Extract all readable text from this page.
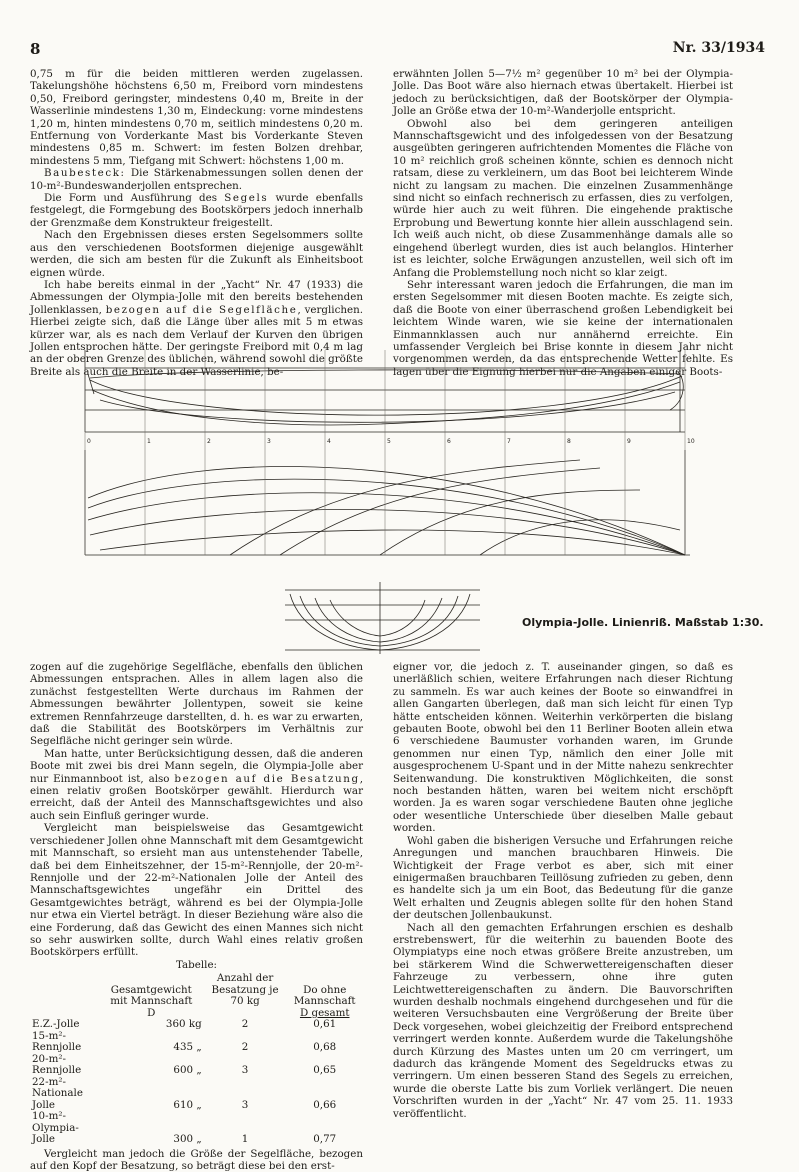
8	Nr. 33/1934

0,75 m für die beiden mittleren werden zugelassen. Takelungshöhe höchstens 6,50 m, Freibord vorn mindestens 0,50, Freibord geringster, mindestens 0,40 m, Breite in der Wasserlinie mindestens 1,30 m, Eindeckung: vorne mindestens 1,20 m, hinten mindestens 0,70 m, seitlich mindestens 0,20 m. Entfernung von Vorderkante Mast bis Vorderkante Steven mindestens 0,85 m. Schwert: im festen Bolzen drehbar, mindestens 5 mm, Tiefgang mit Schwert: höchstens 1,00 m.

Baubesteck: Die Stärkenabmessungen sollen denen der 10-m²-Bundeswanderjollen entsprechen.

Die Form und Ausführung des Segels wurde ebenfalls festgelegt, die Formgebung des Bootskörpers jedoch innerhalb der Grenzmaße dem Konstrukteur freigestellt.

Nach den Ergebnissen dieses ersten Segelsommers sollte aus den verschiedenen Bootsformen diejenige ausgewählt werden, die sich am besten für die Zukunft als Einheitsboot eignen würde.

Ich habe bereits einmal in der „Yacht“ Nr. 47 (1933) die Abmessungen der Olympia-Jolle mit den bereits bestehenden Jollenklassen, bezogen auf die Segelfläche, verglichen. Hierbei zeigte sich, daß die Länge über alles mit 5 m etwas kürzer war, als es nach dem Verlauf der Kurven den übrigen Jollen entsprochen hätte. Der geringste Freibord mit 0,4 m lag an der oberen Grenze des üblichen, während sowohl die größte Breite als auch die Breite in der Wasserlinie, be-

erwähnten Jollen 5—7½ m² gegenüber 10 m² bei der Olympia-Jolle. Das Boot wäre also hiernach etwas übertakelt. Hierbei ist jedoch zu berücksichtigen, daß der Bootskörper der Olympia-Jolle an Größe etwa der 10-m²-Wanderjolle entspricht.

Obwohl also bei dem geringeren anteiligen Mannschaftsgewicht und des infolgedessen von der Besatzung ausgeübten geringeren aufrichtenden Momentes die Fläche von 10 m² reichlich groß scheinen könnte, schien es dennoch nicht ratsam, diese zu verkleinern, um das Boot bei leichterem Winde nicht zu langsam zu machen. Die einzelnen Zusammenhänge sind nicht so einfach rechnerisch zu erfassen, dies zu verfolgen, würde hier auch zu weit führen. Die eingehende praktische Erprobung und Bewertung konnte hier allein ausschlagend sein. Ich weiß auch nicht, ob diese Zusammenhänge damals alle so eingehend überlegt wurden, dies ist auch belanglos. Hinterher ist es leichter, solche Erwägungen anzustellen, weil sich oft im Anfang die Problemstellung noch nicht so klar zeigt.

Sehr interessant waren jedoch die Erfahrungen, die man im ersten Segelsommer mit diesen Booten machte. Es zeigte sich, daß die Boote von einer überraschend großen Lebendigkeit bei leichtem Winde waren, wie sie keine der internationalen Einmannklassen auch nur annähernd erreichte. Ein umfassender Vergleich bei Brise konnte in diesem Jahr nicht vorgenommen werden, da das entsprechende Wetter fehlte. Es lagen über die Eignung hierbei nur die Angaben einiger Boots-

0	1	2	3	4	5	6	7	8	9	10
Olympia-Jolle. Linienriß. Maßstab 1:30.

zogen auf die zugehörige Segelfläche, ebenfalls den üblichen Abmessungen entsprachen. Alles in allem lagen also die zunächst festgestellten Werte durchaus im Rahmen der Abmessungen bewährter Jollentypen, soweit sie keine extremen Rennfahrzeuge darstellten, d. h. es war zu erwarten, daß die Stabilität des Bootskörpers im Verhältnis zur Segelfläche nicht geringer sein würde.

Man hatte, unter Berücksichtigung dessen, daß die anderen Boote mit zwei bis drei Mann segeln, die Olympia-Jolle aber nur Einmannboot ist, also bezogen auf die Besatzung, einen relativ großen Bootskörper gewählt. Hierdurch war erreicht, daß der Anteil des Mannschaftsgewichtes und also auch sein Einfluß geringer wurde.

Vergleicht man beispielsweise das Gesamtgewicht verschiedener Jollen ohne Mannschaft mit dem Gesamtgewicht mit Mannschaft, so ersieht man aus untenstehender Tabelle, daß bei dem Einheitszehner, der 15-m²-Rennjolle, der 20-m²-Rennjolle und der 22-m²-Nationalen Jolle der Anteil des Mannschaftsgewichtes ungefähr ein Drittel des Gesamtgewichtes beträgt, während es bei der Olympia-Jolle nur etwa ein Viertel beträgt. In dieser Beziehung wäre also die eine Forderung, daß das Gewicht des einen Mannes sich nicht so sehr auswirken sollte, durch Wahl eines relativ großen Bootskörpers erfüllt.

Tabelle:
	Gesamtgewicht mit Mannschaft	Anzahl der Besatzung je 70 kg	Do ohne Mannschaft
	D		D gesamt
E.Z.-Jolle	360 kg	2	0,61
15-m²-Rennjolle	435 „	2	0,68
20-m²-Rennjolle	600 „	3	0,65
22-m²-Nationale Jolle	610 „	3	0,66
10-m²-Olympia-Jolle	300 „	1	0,77

Vergleicht man jedoch die Größe der Segelfläche, bezogen auf den Kopf der Besatzung, so beträgt diese bei den erst-

eigner vor, die jedoch z. T. auseinander gingen, so daß es unerläßlich schien, weitere Erfahrungen nach dieser Richtung zu sammeln. Es war auch keines der Boote so einwandfrei in allen Gangarten überlegen, daß man sich leicht für einen Typ hätte entscheiden können. Weiterhin verkörperten die bislang gebauten Boote, obwohl bei den 11 Berliner Booten allein etwa 6 verschiedene Baumuster vorhanden waren, im Grunde genommen nur einen Typ, nämlich den einer Jolle mit ausgesprochenem U-Spant und in der Mitte nahezu senkrechter Seitenwandung. Die konstruktiven Möglichkeiten, die sonst noch bestanden hätten, waren bei weitem nicht erschöpft worden. Ja es waren sogar verschiedene Bauten ohne jegliche oder wesentliche Unterschiede über dieselben Malle gebaut worden.

Wohl gaben die bisherigen Versuche und Erfahrungen reiche Anregungen und manchen brauchbaren Hinweis. Die Wichtigkeit der Frage verbot es aber, sich mit einer einigermaßen brauchbaren Teillösung zufrieden zu geben, denn es handelte sich ja um ein Boot, das Bedeutung für die ganze Welt erhalten und Zeugnis ablegen sollte für den hohen Stand der deutschen Jollenbaukunst.

Nach all den gemachten Erfahrungen erschien es deshalb erstrebenswert, für die weiterhin zu bauenden Boote des Olympiatyps eine noch etwas größere Breite anzustreben, um bei stärkerem Wind die Schwerwettereigenschaften dieser Fahrzeuge zu verbessern, ohne ihre guten Leichtwettereigenschaften zu ändern. Die Bauvorschriften wurden deshalb nochmals eingehend durchgesehen und für die weiteren Versuchsbauten eine Vergrößerung der Breite über Deck vorgesehen, wobei gleichzeitig der Freibord entsprechend verringert werden konnte. Außerdem wurde die Takelungshöhe durch Kürzung des Mastes unten um 20 cm verringert, um dadurch das krängende Moment des Segeldrucks etwas zu verringern. Um einen besseren Stand des Segels zu erreichen, wurde die oberste Latte bis zum Vorliek verlängert. Die neuen Vorschriften wurden in der „Yacht“ Nr. 47 vom 25. 11. 1933 veröffentlicht.
